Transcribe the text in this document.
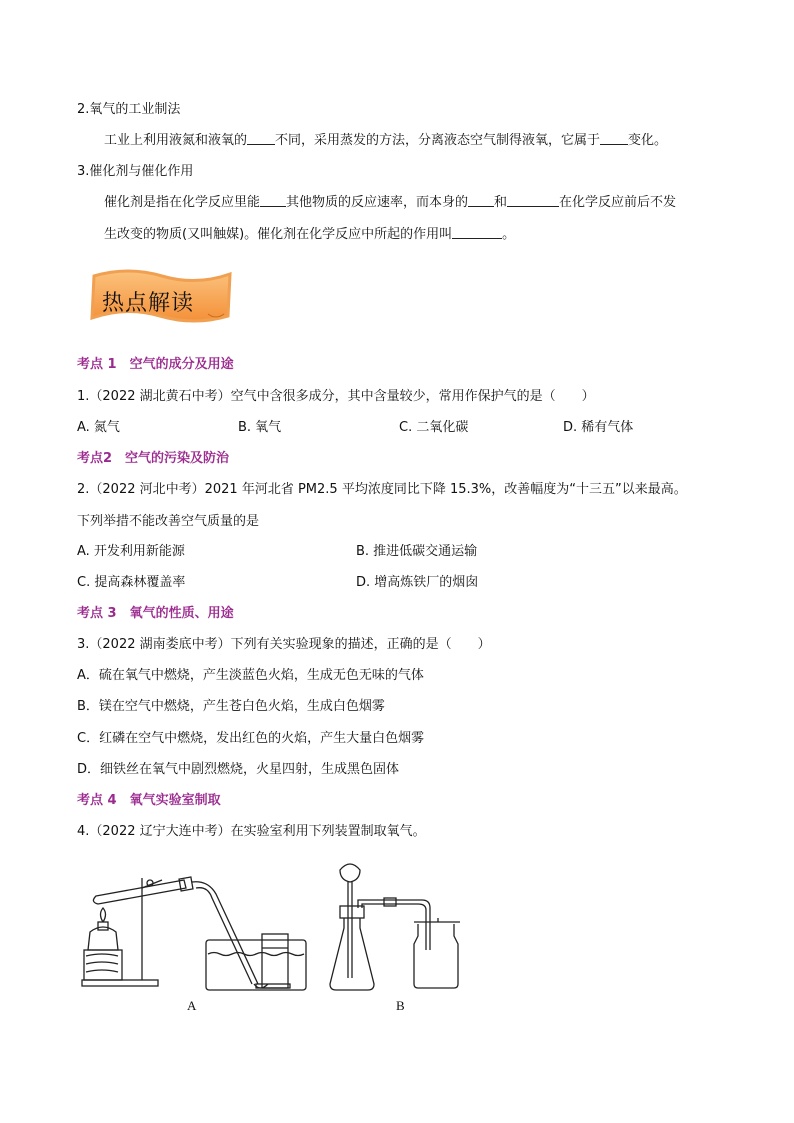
2.氧气的工业制法
工业上利用液氮和液氧的 不同，采用蒸发的方法，分离液态空气制得液氧，它属于 变化。
3.催化剂与催化作用
催化剂是指在化学反应里能 其他物质的反应速率，而本身的 和	在化学反应前后不发
生改变的物质(又叫触媒)。催化剂在化学反应中所起的作用叫	。
热点解读
考点 1　空气的成分及用途
1.（2022 湖北黄石中考）空气中含很多成分，其中含量较少，常用作保护气的是（　　）
A. 氮气	B. 氧气	C. 二氧化碳	D. 稀有气体
考点2　空气的污染及防治
2.（2022 河北中考）2021 年河北省 PM2.5 平均浓度同比下降 15.3%，改善幅度为“十三五”以来最高。
下列举措不能改善空气质量的是
A. 开发利用新能源	B. 推进低碳交通运输
C. 提高森林覆盖率	D. 增高炼铁厂的烟囱
考点 3　氧气的性质、用途
3.（2022 湖南娄底中考）下列有关实验现象的描述，正确的是（　　）
A．硫在氧气中燃烧，产生淡蓝色火焰，生成无色无味的气体
B．镁在空气中燃烧，产生苍白色火焰，生成白色烟雾
C．红磷在空气中燃烧，发出红色的火焰，产生大量白色烟雾
D．细铁丝在氧气中剧烈燃烧，火星四射，生成黑色固体
考点 4　氧气实验室制取
4.（2022 辽宁大连中考）在实验室利用下列装置制取氧气。
A	B
